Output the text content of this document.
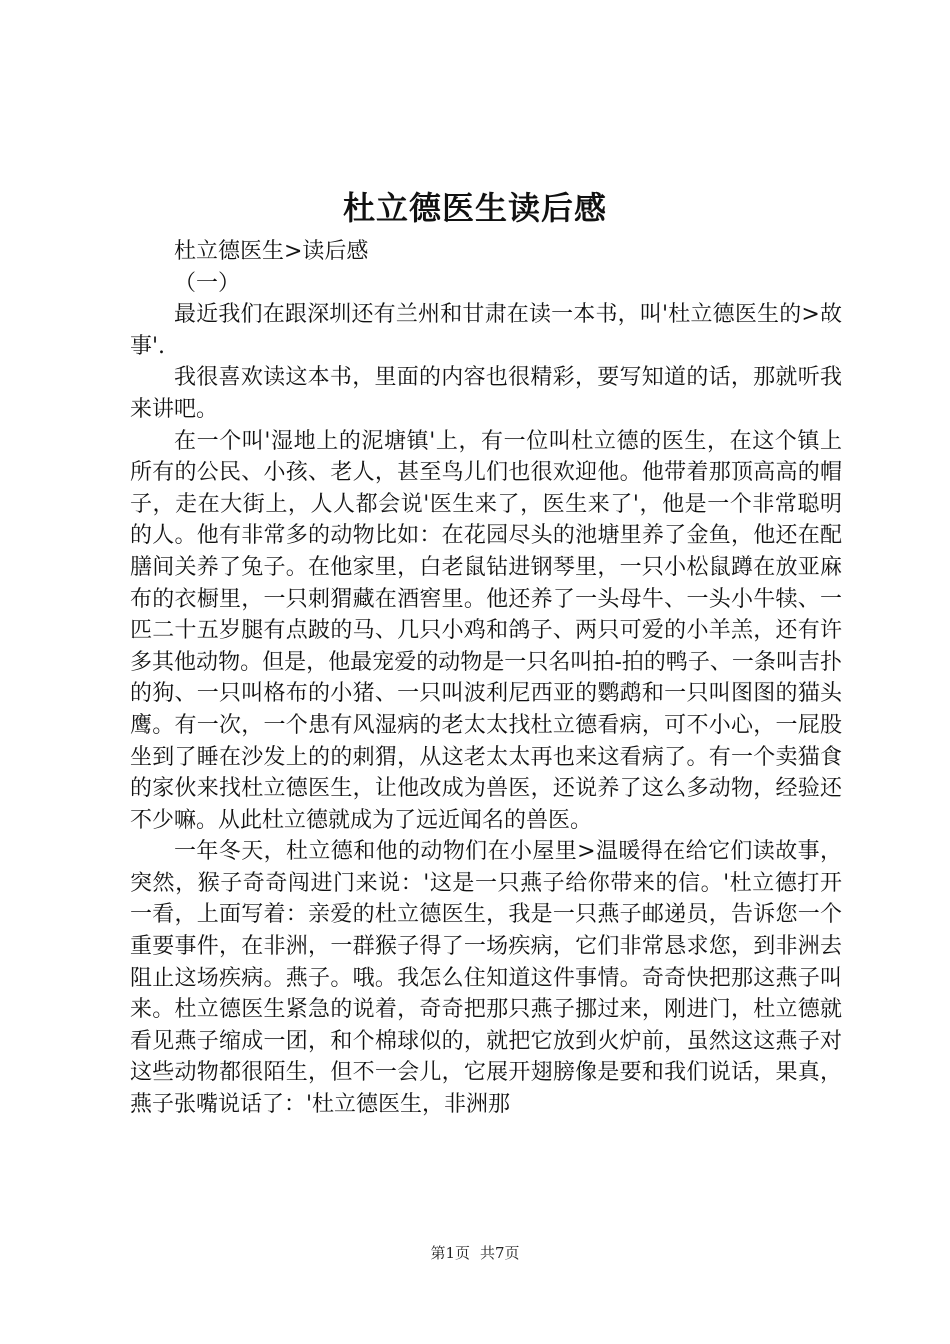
杜立德医生读后感

杜立德医生>读后感

（一）

最近我们在跟深圳还有兰州和甘肃在读一本书，叫'杜立德医生的>故事'.

我很喜欢读这本书，里面的内容也很精彩，要写知道的话，那就听我来讲吧。

在一个叫'湿地上的泥塘镇'上，有一位叫杜立德的医生，在这个镇上所有的公民、小孩、老人，甚至鸟儿们也很欢迎他。他带着那顶高高的帽子，走在大街上，人人都会说'医生来了，医生来了'，他是一个非常聪明的人。他有非常多的动物比如：在花园尽头的池塘里养了金鱼，他还在配膳间关养了兔子。在他家里，白老鼠钻进钢琴里，一只小松鼠蹲在放亚麻布的衣橱里，一只刺猬藏在酒窖里。他还养了一头母牛、一头小牛犊、一匹二十五岁腿有点跛的马、几只小鸡和鸽子、两只可爱的小羊羔，还有许多其他动物。但是，他最宠爱的动物是一只名叫拍-拍的鸭子、一条叫吉扑的狗、一只叫格布的小猪、一只叫波利尼西亚的鹦鹉和一只叫图图的猫头鹰。有一次，一个患有风湿病的老太太找杜立德看病，可不小心，一屁股坐到了睡在沙发上的的刺猬，从这老太太再也来这看病了。有一个卖猫食的家伙来找杜立德医生，让他改成为兽医，还说养了这么多动物，经验还不少嘛。从此杜立德就成为了远近闻名的兽医。

一年冬天，杜立德和他的动物们在小屋里>温暖得在给它们读故事，突然，猴子奇奇闯进门来说：'这是一只燕子给你带来的信。'杜立德打开一看，上面写着：亲爱的杜立德医生，我是一只燕子邮递员，告诉您一个重要事件，在非洲，一群猴子得了一场疾病，它们非常恳求您，到非洲去阻止这场疾病。燕子。哦。我怎么住知道这件事情。奇奇快把那这燕子叫来。杜立德医生紧急的说着，奇奇把那只燕子挪过来，刚进门，杜立德就看见燕子缩成一团，和个棉球似的，就把它放到火炉前，虽然这这燕子对这些动物都很陌生，但不一会儿，它展开翅膀像是要和我们说话，果真，燕子张嘴说话了：'杜立德医生，非洲那

第1页 共7页
